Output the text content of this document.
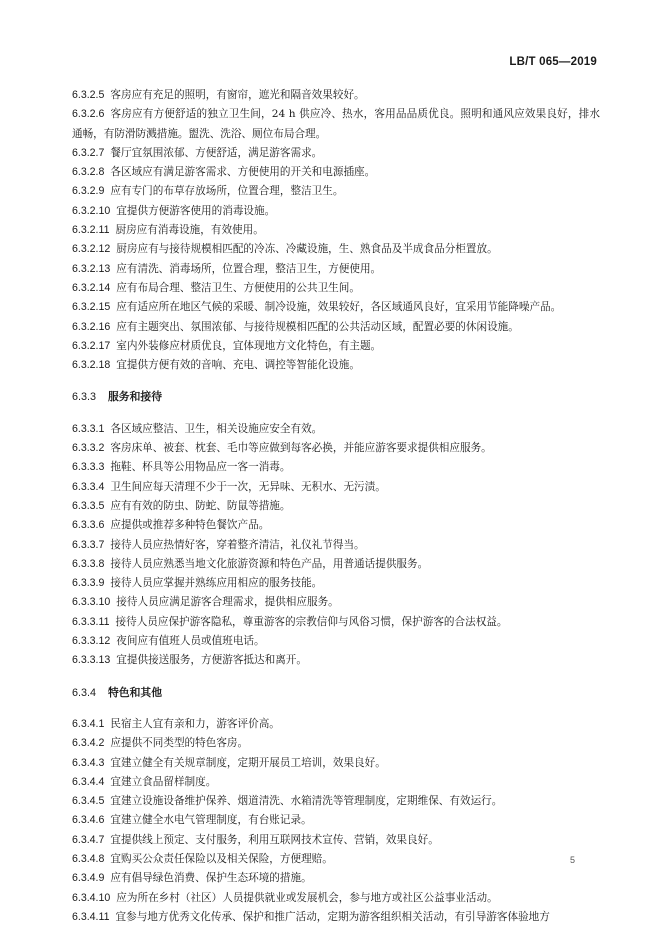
LB/T 065—2019

6.3.2.5 客房应有充足的照明，有窗帘，遮光和隔音效果较好。

6.3.2.6 客房应有方便舒适的独立卫生间，24 h 供应冷、热水，客用品品质优良。照明和通风应效果良好，排水通畅，有防滑防溅措施。盥洗、洗浴、厕位布局合理。

6.3.2.7 餐厅宜氛围浓郁、方便舒适，满足游客需求。

6.3.2.8 各区域应有满足游客需求、方便使用的开关和电源插座。

6.3.2.9 应有专门的布草存放场所，位置合理，整洁卫生。

6.3.2.10 宜提供方便游客使用的消毒设施。

6.3.2.11 厨房应有消毒设施，有效使用。

6.3.2.12 厨房应有与接待规模相匹配的冷冻、冷藏设施，生、熟食品及半成食品分柜置放。

6.3.2.13 应有清洗、消毒场所，位置合理，整洁卫生，方便使用。

6.3.2.14 应有布局合理、整洁卫生、方便使用的公共卫生间。

6.3.2.15 应有适应所在地区气候的采暖、制冷设施，效果较好，各区域通风良好，宜采用节能降噪产品。

6.3.2.16 应有主题突出、氛围浓郁、与接待规模相匹配的公共活动区域，配置必要的休闲设施。

6.3.2.17 室内外装修应材质优良，宜体现地方文化特色，有主题。

6.3.2.18 宜提供方便有效的音响、充电、调控等智能化设施。

6.3.3 服务和接待

6.3.3.1 各区域应整洁、卫生，相关设施应安全有效。

6.3.3.2 客房床单、被套、枕套、毛巾等应做到每客必换，并能应游客要求提供相应服务。

6.3.3.3 拖鞋、杯具等公用物品应一客一消毒。

6.3.3.4 卫生间应每天清理不少于一次，无异味、无积水、无污渍。

6.3.3.5 应有有效的防虫、防蛇、防鼠等措施。

6.3.3.6 应提供或推荐多种特色餐饮产品。

6.3.3.7 接待人员应热情好客，穿着整齐清洁，礼仪礼节得当。

6.3.3.8 接待人员应熟悉当地文化旅游资源和特色产品，用普通话提供服务。

6.3.3.9 接待人员应掌握并熟练应用相应的服务技能。

6.3.3.10 接待人员应满足游客合理需求，提供相应服务。

6.3.3.11 接待人员应保护游客隐私，尊重游客的宗教信仰与风俗习惯，保护游客的合法权益。

6.3.3.12 夜间应有值班人员或值班电话。

6.3.3.13 宜提供接送服务，方便游客抵达和离开。

6.3.4 特色和其他

6.3.4.1 民宿主人宜有亲和力，游客评价高。

6.3.4.2 应提供不同类型的特色客房。

6.3.4.3 宜建立健全有关规章制度，定期开展员工培训，效果良好。

6.3.4.4 宜建立食品留样制度。

6.3.4.5 宜建立设施设备维护保养、烟道清洗、水箱清洗等管理制度，定期维保、有效运行。

6.3.4.6 宜建立健全水电气管理制度，有台账记录。

6.3.4.7 宜提供线上预定、支付服务，利用互联网技术宣传、营销，效果良好。

6.3.4.8 宜购买公众责任保险以及相关保险，方便理赔。

6.3.4.9 应有倡导绿色消费、保护生态环境的措施。

6.3.4.10 应为所在乡村（社区）人员提供就业或发展机会，参与地方或社区公益事业活动。

6.3.4.11 宜参与地方优秀文化传承、保护和推广活动，定期为游客组织相关活动，有引导游客体验地方

5
